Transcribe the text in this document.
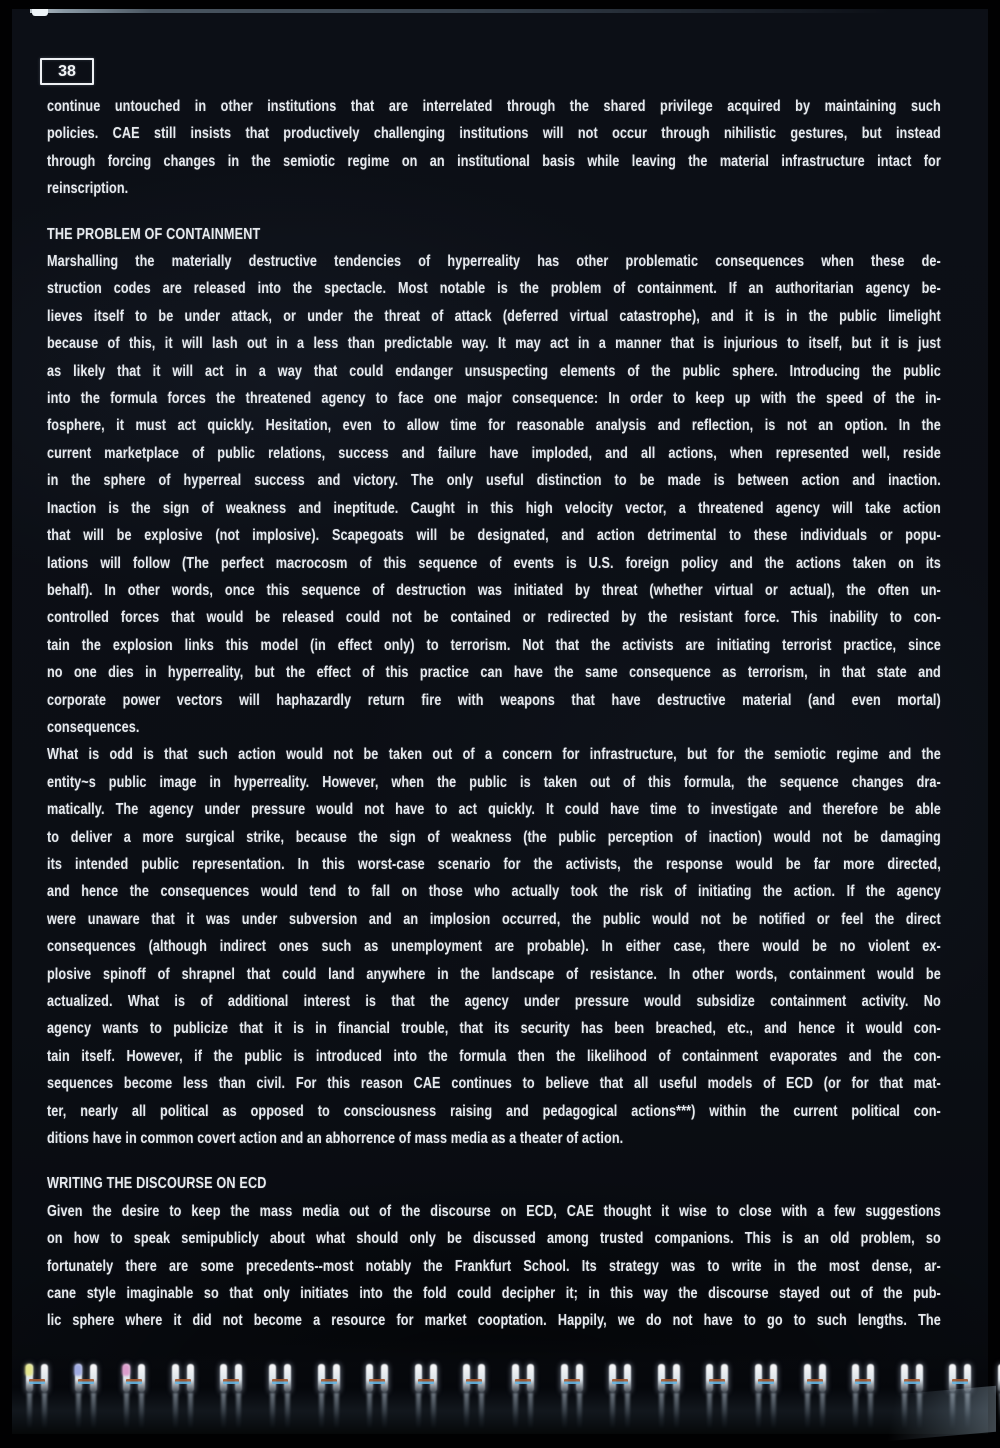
38
continue untouched in other institutions that are interrelated through the shared privilege acquired by maintaining such
policies. CAE still insists that productively challenging institutions will not occur through nihilistic gestures, but instead
through forcing changes in the semiotic regime on an institutional basis while leaving the material infrastructure intact for
reinscription.
THE PROBLEM OF CONTAINMENT
Marshalling the materially destructive tendencies of hyperreality has other problematic consequences when these de-
struction codes are released into the spectacle. Most notable is the problem of containment. If an authoritarian agency be-
lieves itself to be under attack, or under the threat of attack (deferred virtual catastrophe), and it is in the public limelight
because of this, it will lash out in a less than predictable way. It may act in a manner that is injurious to itself, but it is just
as likely that it will act in a way that could endanger unsuspecting elements of the public sphere. Introducing the public
into the formula forces the threatened agency to face one major consequence: In order to keep up with the speed of the in-
fosphere, it must act quickly. Hesitation, even to allow time for reasonable analysis and reflection, is not an option. In the
current marketplace of public relations, success and failure have imploded, and all actions, when represented well, reside
in the sphere of hyperreal success and victory. The only useful distinction to be made is between action and inaction.
Inaction is the sign of weakness and ineptitude. Caught in this high velocity vector, a threatened agency will take action
that will be explosive (not implosive). Scapegoats will be designated, and action detrimental to these individuals or popu-
lations will follow (The perfect macrocosm of this sequence of events is U.S. foreign policy and the actions taken on its
behalf). In other words, once this sequence of destruction was initiated by threat (whether virtual or actual), the often un-
controlled forces that would be released could not be contained or redirected by the resistant force. This inability to con-
tain the explosion links this model (in effect only) to terrorism. Not that the activists are initiating terrorist practice, since
no one dies in hyperreality, but the effect of this practice can have the same consequence as terrorism, in that state and
corporate power vectors will haphazardly return fire with weapons that have destructive material (and even mortal)
consequences.
What is odd is that such action would not be taken out of a concern for infrastructure, but for the semiotic regime and the
entity~s public image in hyperreality. However, when the public is taken out of this formula, the sequence changes dra-
matically. The agency under pressure would not have to act quickly. It could have time to investigate and therefore be able
to deliver a more surgical strike, because the sign of weakness (the public perception of inaction) would not be damaging
its intended public representation. In this worst-case scenario for the activists, the response would be far more directed,
and hence the consequences would tend to fall on those who actually took the risk of initiating the action. If the agency
were unaware that it was under subversion and an implosion occurred, the public would not be notified or feel the direct
consequences (although indirect ones such as unemployment are probable). In either case, there would be no violent ex-
plosive spinoff of shrapnel that could land anywhere in the landscape of resistance. In other words, containment would be
actualized. What is of additional interest is that the agency under pressure would subsidize containment activity. No
agency wants to publicize that it is in financial trouble, that its security has been breached, etc., and hence it would con-
tain itself. However, if the public is introduced into the formula then the likelihood of containment evaporates and the con-
sequences become less than civil. For this reason CAE continues to believe that all useful models of ECD (or for that mat-
ter, nearly all political as opposed to consciousness raising and pedagogical actions***) within the current political con-
ditions have in common covert action and an abhorrence of mass media as a theater of action.
WRITING THE DISCOURSE ON ECD
Given the desire to keep the mass media out of the discourse on ECD, CAE thought it wise to close with a few suggestions
on how to speak semipublicly about what should only be discussed among trusted companions. This is an old problem, so
fortunately there are some precedents--most notably the Frankfurt School. Its strategy was to write in the most dense, ar-
cane style imaginable so that only initiates into the fold could decipher it; in this way the discourse stayed out of the pub-
lic sphere where it did not become a resource for market cooptation. Happily, we do not have to go to such lengths. The
